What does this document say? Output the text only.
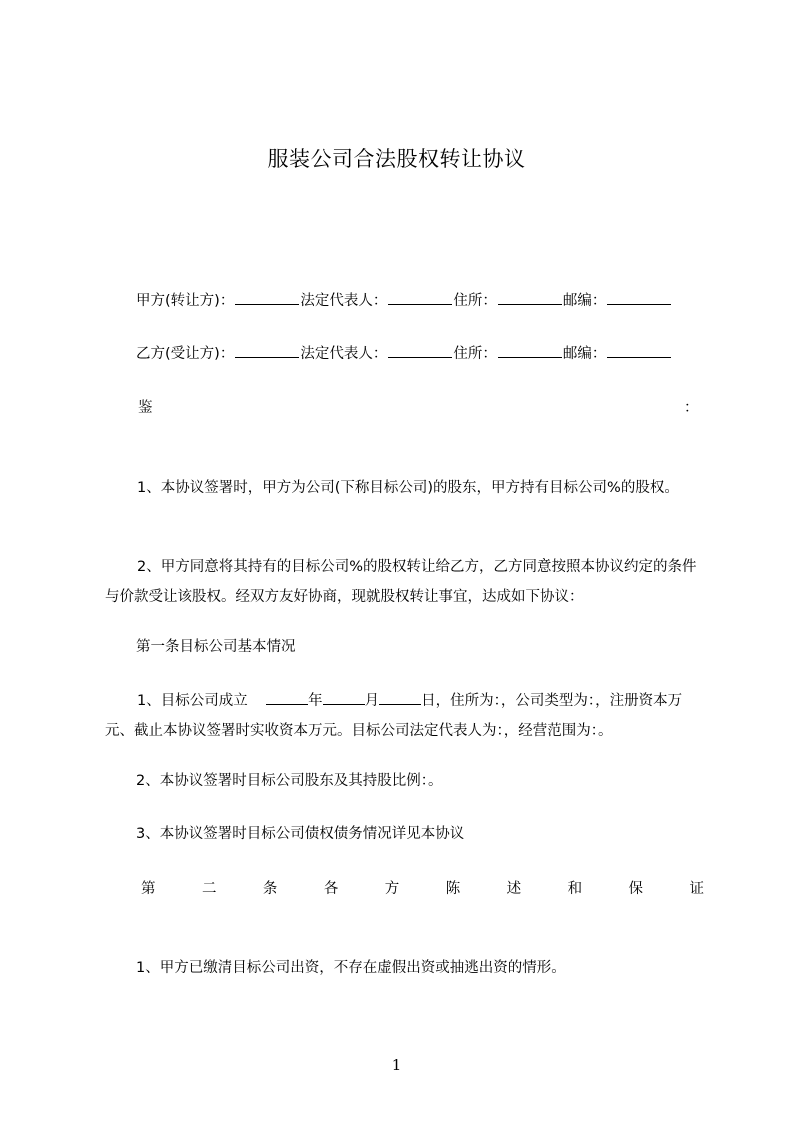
服装公司合法股权转让协议
甲方(转让方)：	法定代表人：	住所：	邮编：
乙方(受让方)：	法定代表人：	住所：	邮编：
鉴	：
1、本协议签署时，甲方为公司(下称目标公司)的股东，甲方持有目标公司%的股权。
2、甲方同意将其持有的目标公司%的股权转让给乙方，乙方同意按照本协议约定的条件与价款受让该股权。经双方友好协商，现就股权转让事宜，达成如下协议：
第一条目标公司基本情况
1、目标公司成立	年	月	日，住所为：，公司类型为：，注册资本万元、截止本协议签署时实收资本万元。目标公司法定代表人为：，经营范围为：。
2、本协议签署时目标公司股东及其持股比例：。
3、本协议签署时目标公司债权债务情况详见本协议
第	二	条	各	方	陈	述	和	保	证
1、甲方已缴清目标公司出资，不存在虚假出资或抽逃出资的情形。
1
